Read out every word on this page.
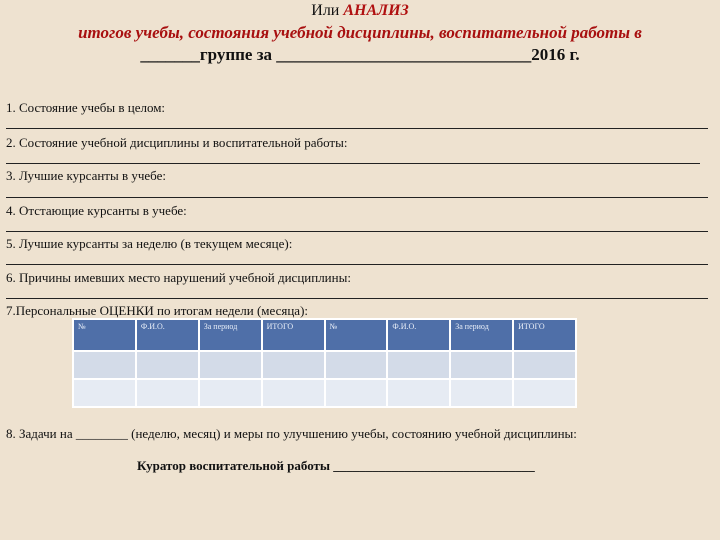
Или АНАЛИЗ
итогов учебы, состояния учебной дисциплины, воспитательной работы в
_______группе за ______________________________2016 г.
1. Состояние учебы в целом:
2. Состояние учебной дисциплины и воспитательной работы:
3. Лучшие курсанты в учебе:
4. Отстающие курсанты в учебе:
5. Лучшие курсанты за неделю (в текущем месяце):
6. Причины имевших место нарушений учебной дисциплины:
7.Персональные ОЦЕНКИ по итогам недели (месяца):
№	Ф.И.О.	За период	ИТОГО	№	Ф.И.О.	За период	ИТОГО

8. Задачи на ________ (неделю, месяц) и меры по улучшению учебы, состоянию учебной дисциплины:
Куратор воспитательной работы _______________________________
